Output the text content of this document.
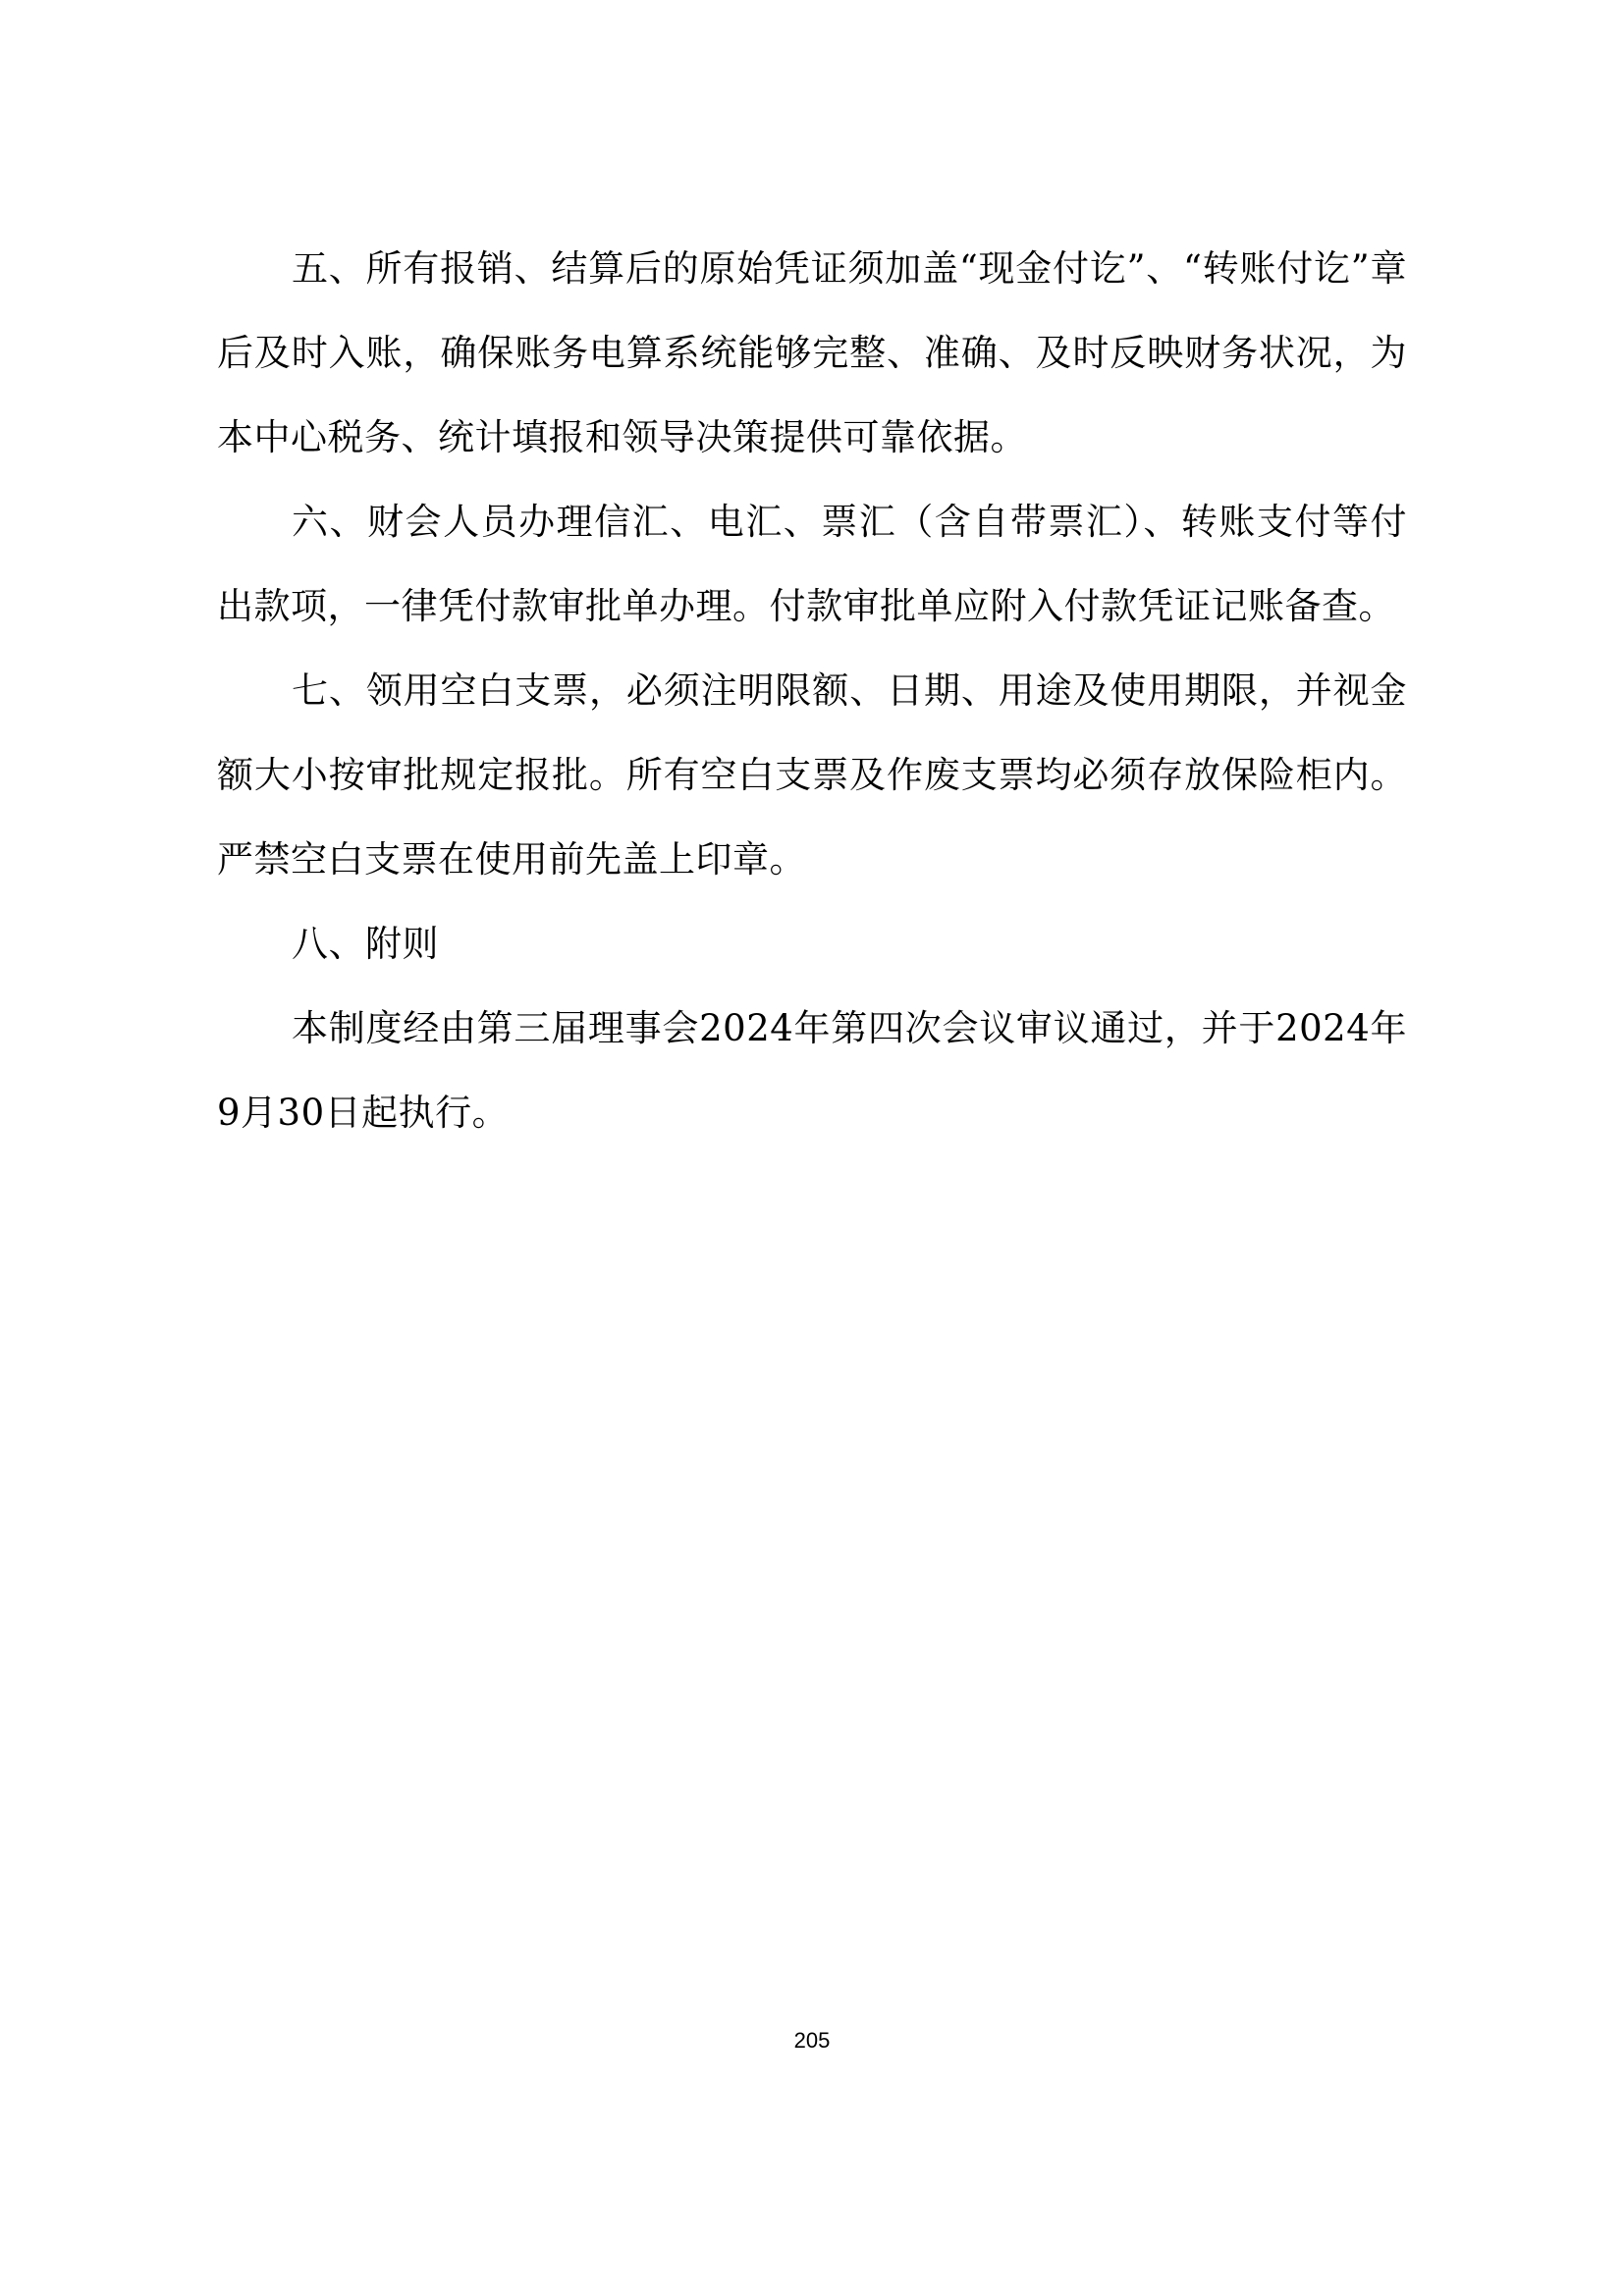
五、所有报销、结算后的原始凭证须加盖“现金付讫”、“转账付讫”章后及时入账，确保账务电算系统能够完整、准确、及时反映财务状况，为本中心税务、统计填报和领导决策提供可靠依据。

六、财会人员办理信汇、电汇、票汇（含自带票汇）、转账支付等付出款项，一律凭付款审批单办理。付款审批单应附入付款凭证记账备查。

七、领用空白支票，必须注明限额、日期、用途及使用期限，并视金额大小按审批规定报批。所有空白支票及作废支票均必须存放保险柜内。严禁空白支票在使用前先盖上印章。

八、附则

本制度经由第三届理事会2024年第四次会议审议通过，并于2024年9月30日起执行。

205
